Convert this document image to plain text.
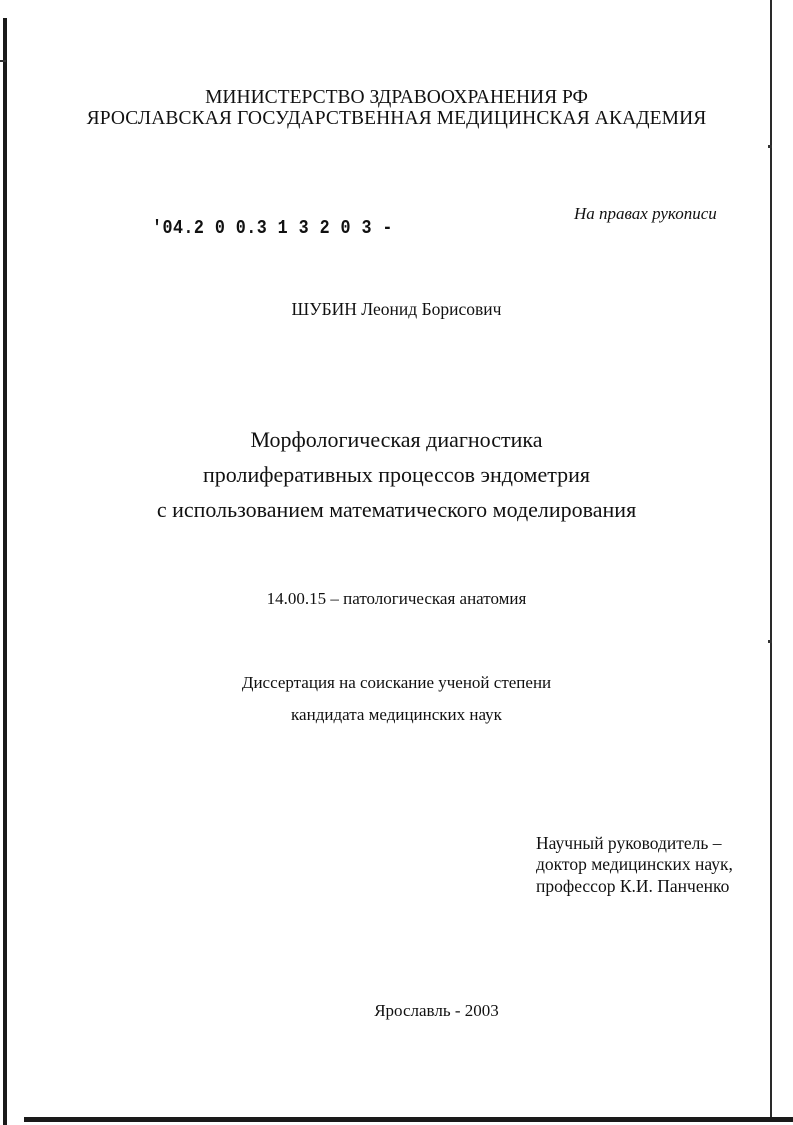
МИНИСТЕРСТВО ЗДРАВООХРАНЕНИЯ РФ
ЯРОСЛАВСКАЯ ГОСУДАРСТВЕННАЯ МЕДИЦИНСКАЯ АКАДЕМИЯ
'04.2 0 0.3 1 3 2 0 3 -
На правах рукописи
ШУБИН Леонид Борисович
Морфологическая диагностика
пролиферативных процессов эндометрия
с использованием математического моделирования
14.00.15 – патологическая анатомия
Диссертация на соискание ученой степени
кандидата медицинских наук
Научный руководитель –
доктор медицинских наук,
профессор К.И. Панченко
Ярославль - 2003
